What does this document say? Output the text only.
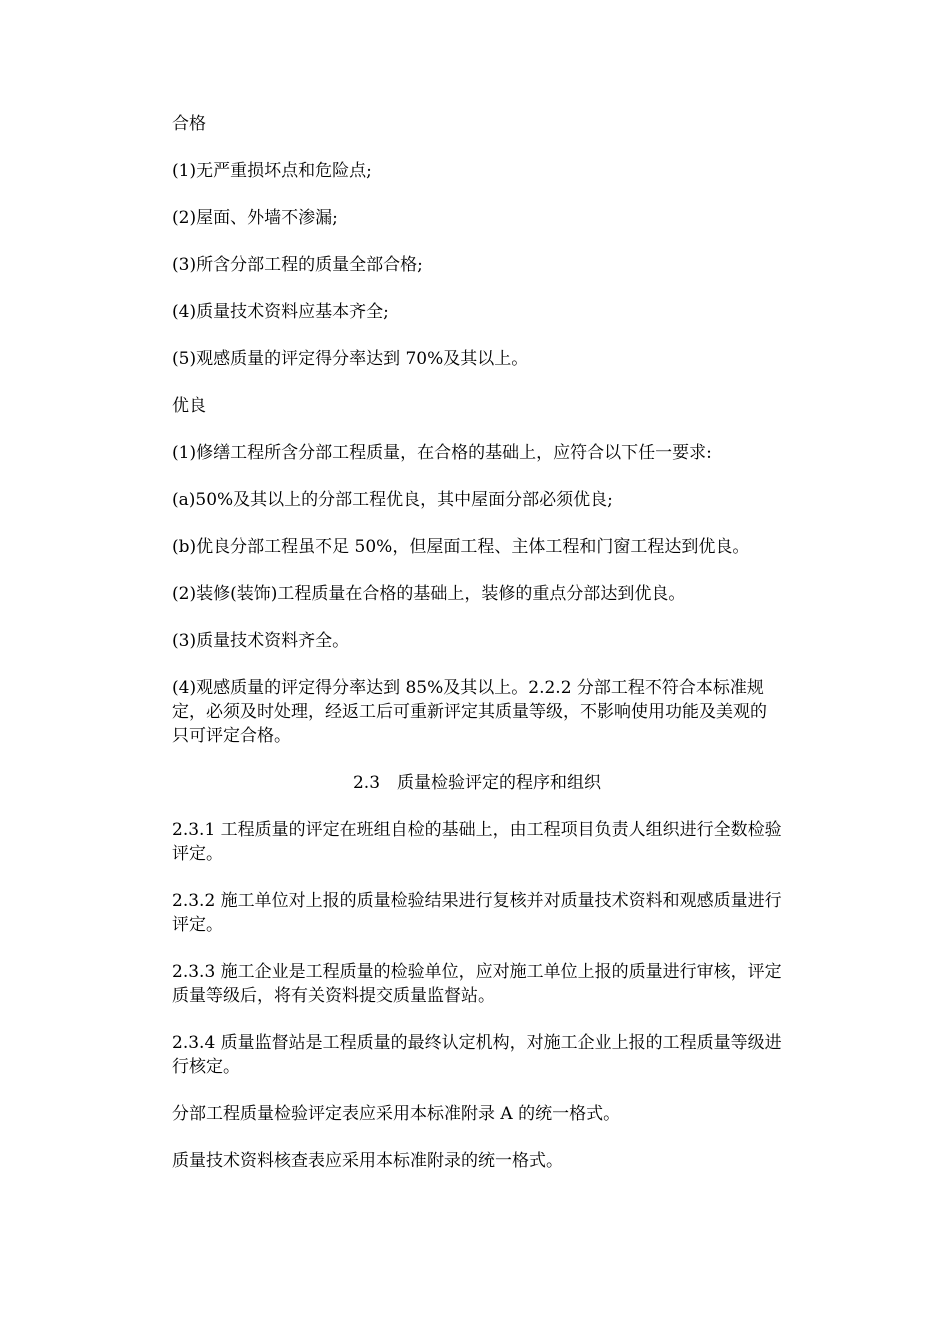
合格

(1)无严重损坏点和危险点;

(2)屋面、外墙不渗漏;

(3)所含分部工程的质量全部合格;

(4)质量技术资料应基本齐全;

(5)观感质量的评定得分率达到 70%及其以上。

优良

(1)修缮工程所含分部工程质量，在合格的基础上，应符合以下任一要求:

(a)50%及其以上的分部工程优良，其中屋面分部必须优良;

(b)优良分部工程虽不足 50%，但屋面工程、主体工程和门窗工程达到优良。

(2)装修(装饰)工程质量在合格的基础上，装修的重点分部达到优良。

(3)质量技术资料齐全。

(4)观感质量的评定得分率达到 85%及其以上。2.2.2 分部工程不符合本标准规定，必须及时处理，经返工后可重新评定其质量等级，不影响使用功能及美观的只可评定合格。

2.3　质量检验评定的程序和组织

2.3.1 工程质量的评定在班组自检的基础上，由工程项目负责人组织进行全数检验评定。

2.3.2 施工单位对上报的质量检验结果进行复核并对质量技术资料和观感质量进行评定。

2.3.3 施工企业是工程质量的检验单位，应对施工单位上报的质量进行审核，评定质量等级后，将有关资料提交质量监督站。

2.3.4 质量监督站是工程质量的最终认定机构，对施工企业上报的工程质量等级进行核定。

分部工程质量检验评定表应采用本标准附录 A 的统一格式。

质量技术资料核查表应采用本标准附录的统一格式。
